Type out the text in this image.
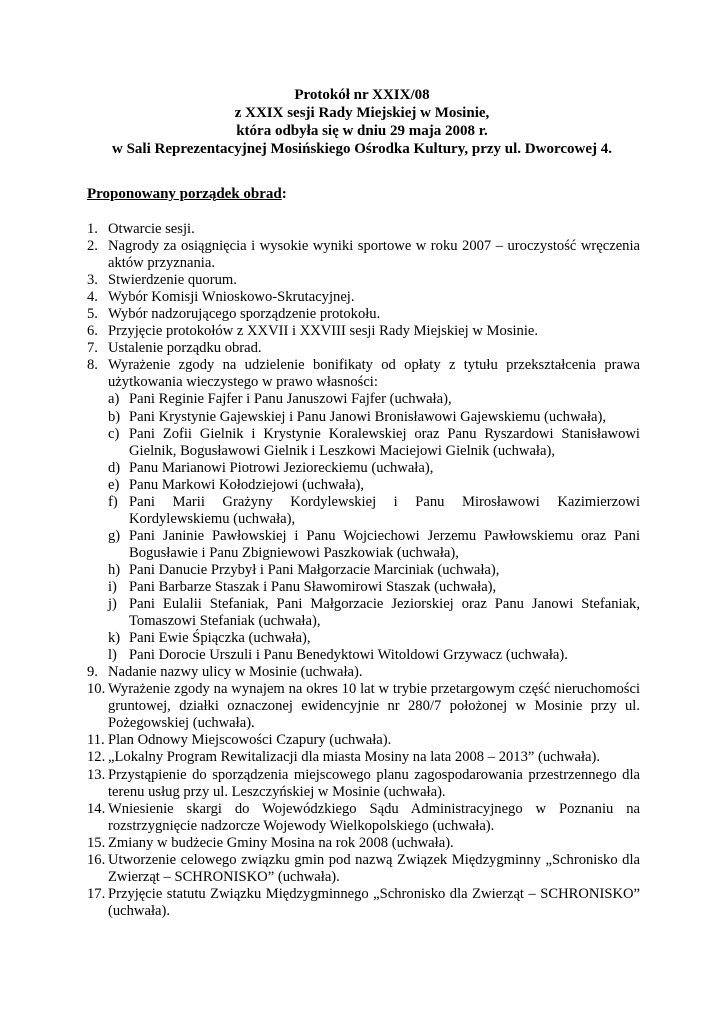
Protokół nr XXIX/08
z XXIX sesji Rady Miejskiej w Mosinie,
która odbyła się w dniu 29 maja 2008 r.
w Sali Reprezentacyjnej Mosińskiego Ośrodka Kultury, przy ul. Dworcowej 4.
Proponowany porządek obrad:
1. Otwarcie sesji.
2. Nagrody za osiągnięcia i wysokie wyniki sportowe w roku 2007 – uroczystość wręczenia aktów przyznania.
3. Stwierdzenie quorum.
4. Wybór Komisji Wnioskowo-Skrutacyjnej.
5. Wybór nadzorującego sporządzenie protokołu.
6. Przyjęcie protokołów z XXVII i XXVIII sesji Rady Miejskiej w Mosinie.
7. Ustalenie porządku obrad.
8. Wyrażenie zgody na udzielenie bonifikaty od opłaty z tytułu przekształcenia prawa użytkowania wieczystego w prawo własności:
a) Pani Reginie Fajfer i Panu Januszowi Fajfer (uchwała),
b) Pani Krystynie Gajewskiej i Panu Janowi Bronisławowi Gajewskiemu (uchwała),
c) Pani Zofii Gielnik i Krystynie Koralewskiej oraz Panu Ryszardowi Stanisławowi Gielnik, Bogusławowi Gielnik i Leszkowi Maciejowi Gielnik (uchwała),
d) Panu Marianowi Piotrowi Jezioreckiemu (uchwała),
e) Panu Markowi Kołodziejowi (uchwała),
f) Pani Marii Grażyny Kordylewskiej i Panu Mirosławowi Kazimierzowi Kordylewskiemu (uchwała),
g) Pani Janinie Pawłowskiej i Panu Wojciechowi Jerzemu Pawłowskiemu oraz Pani Bogusławie i Panu Zbigniewowi Paszkowiak (uchwała),
h) Pani Danucie Przybył i Pani Małgorzacie Marciniak (uchwała),
i) Pani Barbarze Staszak i Panu Sławomirowi Staszak (uchwała),
j) Pani Eulalii Stefaniak, Pani Małgorzacie Jeziorskiej oraz Panu Janowi Stefaniak, Tomaszowi Stefaniak (uchwała),
k) Pani Ewie Śpiączka (uchwała),
l) Pani Dorocie Urszuli i Panu Benedyktowi Witoldowi Grzywacz (uchwała).
9. Nadanie nazwy ulicy w Mosinie (uchwała).
10. Wyrażenie zgody na wynajem na okres 10 lat w trybie przetargowym część nieruchomości gruntowej, działki oznaczonej ewidencyjnie nr 280/7 położonej w Mosinie przy ul. Pożegowskiej (uchwała).
11. Plan Odnowy Miejscowości Czapury (uchwała).
12. „Lokalny Program Rewitalizacji dla miasta Mosiny na lata 2008 – 2013” (uchwała).
13. Przystąpienie do sporządzenia miejscowego planu zagospodarowania przestrzennego dla terenu usług przy ul. Leszczyńskiej w Mosinie (uchwała).
14. Wniesienie skargi do Wojewódzkiego Sądu Administracyjnego w Poznaniu na rozstrzygnięcie nadzorcze Wojewody Wielkopolskiego (uchwała).
15. Zmiany w budżecie Gminy Mosina na rok 2008 (uchwała).
16. Utworzenie celowego związku gmin pod nazwą Związek Międzygminny „Schronisko dla Zwierząt – SCHRONISKO” (uchwała).
17. Przyjęcie statutu Związku Międzygminnego „Schronisko dla Zwierząt – SCHRONISKO” (uchwała).
